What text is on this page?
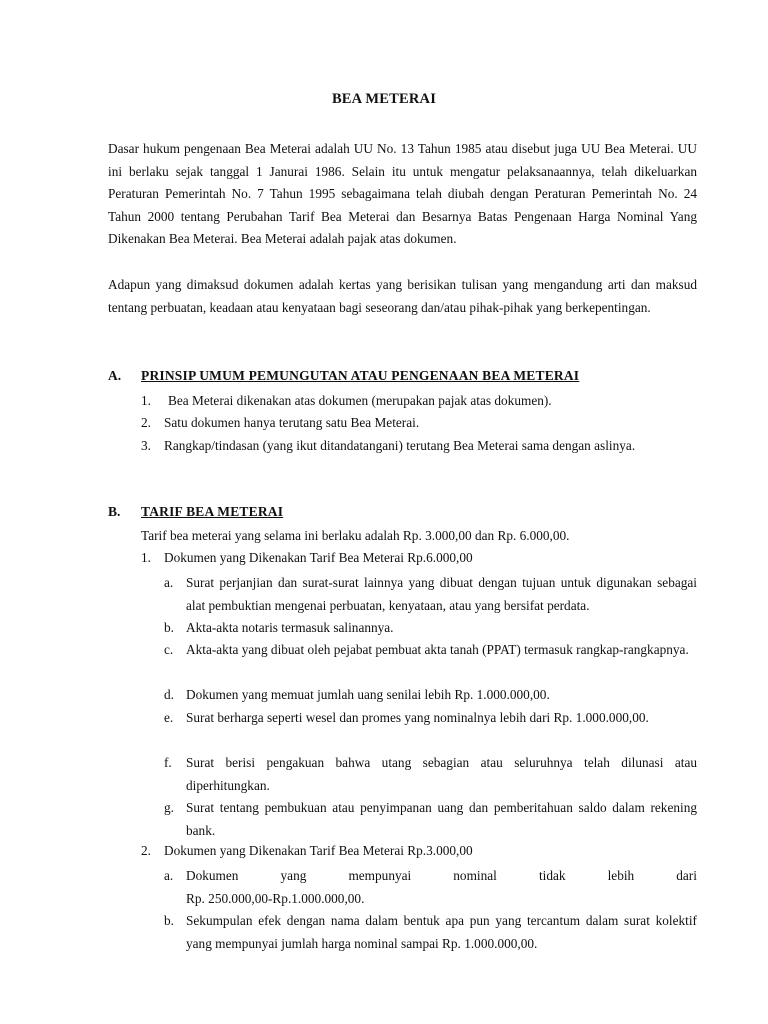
BEA METERAI
Dasar hukum pengenaan Bea Meterai adalah UU No. 13 Tahun 1985 atau disebut juga UU Bea Meterai. UU ini berlaku sejak tanggal 1 Janurai 1986. Selain itu untuk mengatur pelaksanaannya, telah dikeluarkan Peraturan Pemerintah No. 7 Tahun 1995 sebagaimana telah diubah dengan Peraturan Pemerintah No. 24 Tahun 2000 tentang Perubahan Tarif Bea Meterai dan Besarnya Batas Pengenaan Harga Nominal Yang Dikenakan Bea Meterai. Bea Meterai adalah pajak atas dokumen.
Adapun yang dimaksud dokumen adalah kertas yang berisikan tulisan yang mengandung arti dan maksud tentang perbuatan, keadaan atau kenyataan bagi seseorang dan/atau pihak-pihak yang berkepentingan.
A. PRINSIP UMUM PEMUNGUTAN ATAU PENGENAAN BEA METERAI
1. Bea Meterai dikenakan atas dokumen (merupakan pajak atas dokumen).
2. Satu dokumen hanya terutang satu Bea Meterai.
3. Rangkap/tindasan (yang ikut ditandatangani) terutang Bea Meterai sama dengan aslinya.
B. TARIF BEA METERAI
Tarif bea meterai yang selama ini berlaku adalah Rp. 3.000,00 dan Rp. 6.000,00.
1. Dokumen yang Dikenakan Tarif Bea Meterai Rp.6.000,00
a. Surat perjanjian dan surat-surat lainnya yang dibuat dengan tujuan untuk digunakan sebagai alat pembuktian mengenai perbuatan, kenyataan, atau yang bersifat perdata.
b. Akta-akta notaris termasuk salinannya.
c. Akta-akta yang dibuat oleh pejabat pembuat akta tanah (PPAT) termasuk rangkap-rangkapnya.
d. Dokumen yang memuat jumlah uang senilai lebih Rp. 1.000.000,00.
e. Surat berharga seperti wesel dan promes yang nominalnya lebih dari Rp. 1.000.000,00.
f. Surat berisi pengakuan bahwa utang sebagian atau seluruhnya telah dilunasi atau diperhitungkan.
g. Surat tentang pembukuan atau penyimpanan uang dan pemberitahuan saldo dalam rekening bank.
2. Dokumen yang Dikenakan Tarif Bea Meterai Rp.3.000,00
a. Dokumen	yang	mempunyai	nominal	tidak	lebih	dari
Rp. 250.000,00-Rp.1.000.000,00.
b. Sekumpulan efek dengan nama dalam bentuk apa pun yang tercantum dalam surat kolektif yang mempunyai jumlah harga nominal sampai Rp. 1.000.000,00.
